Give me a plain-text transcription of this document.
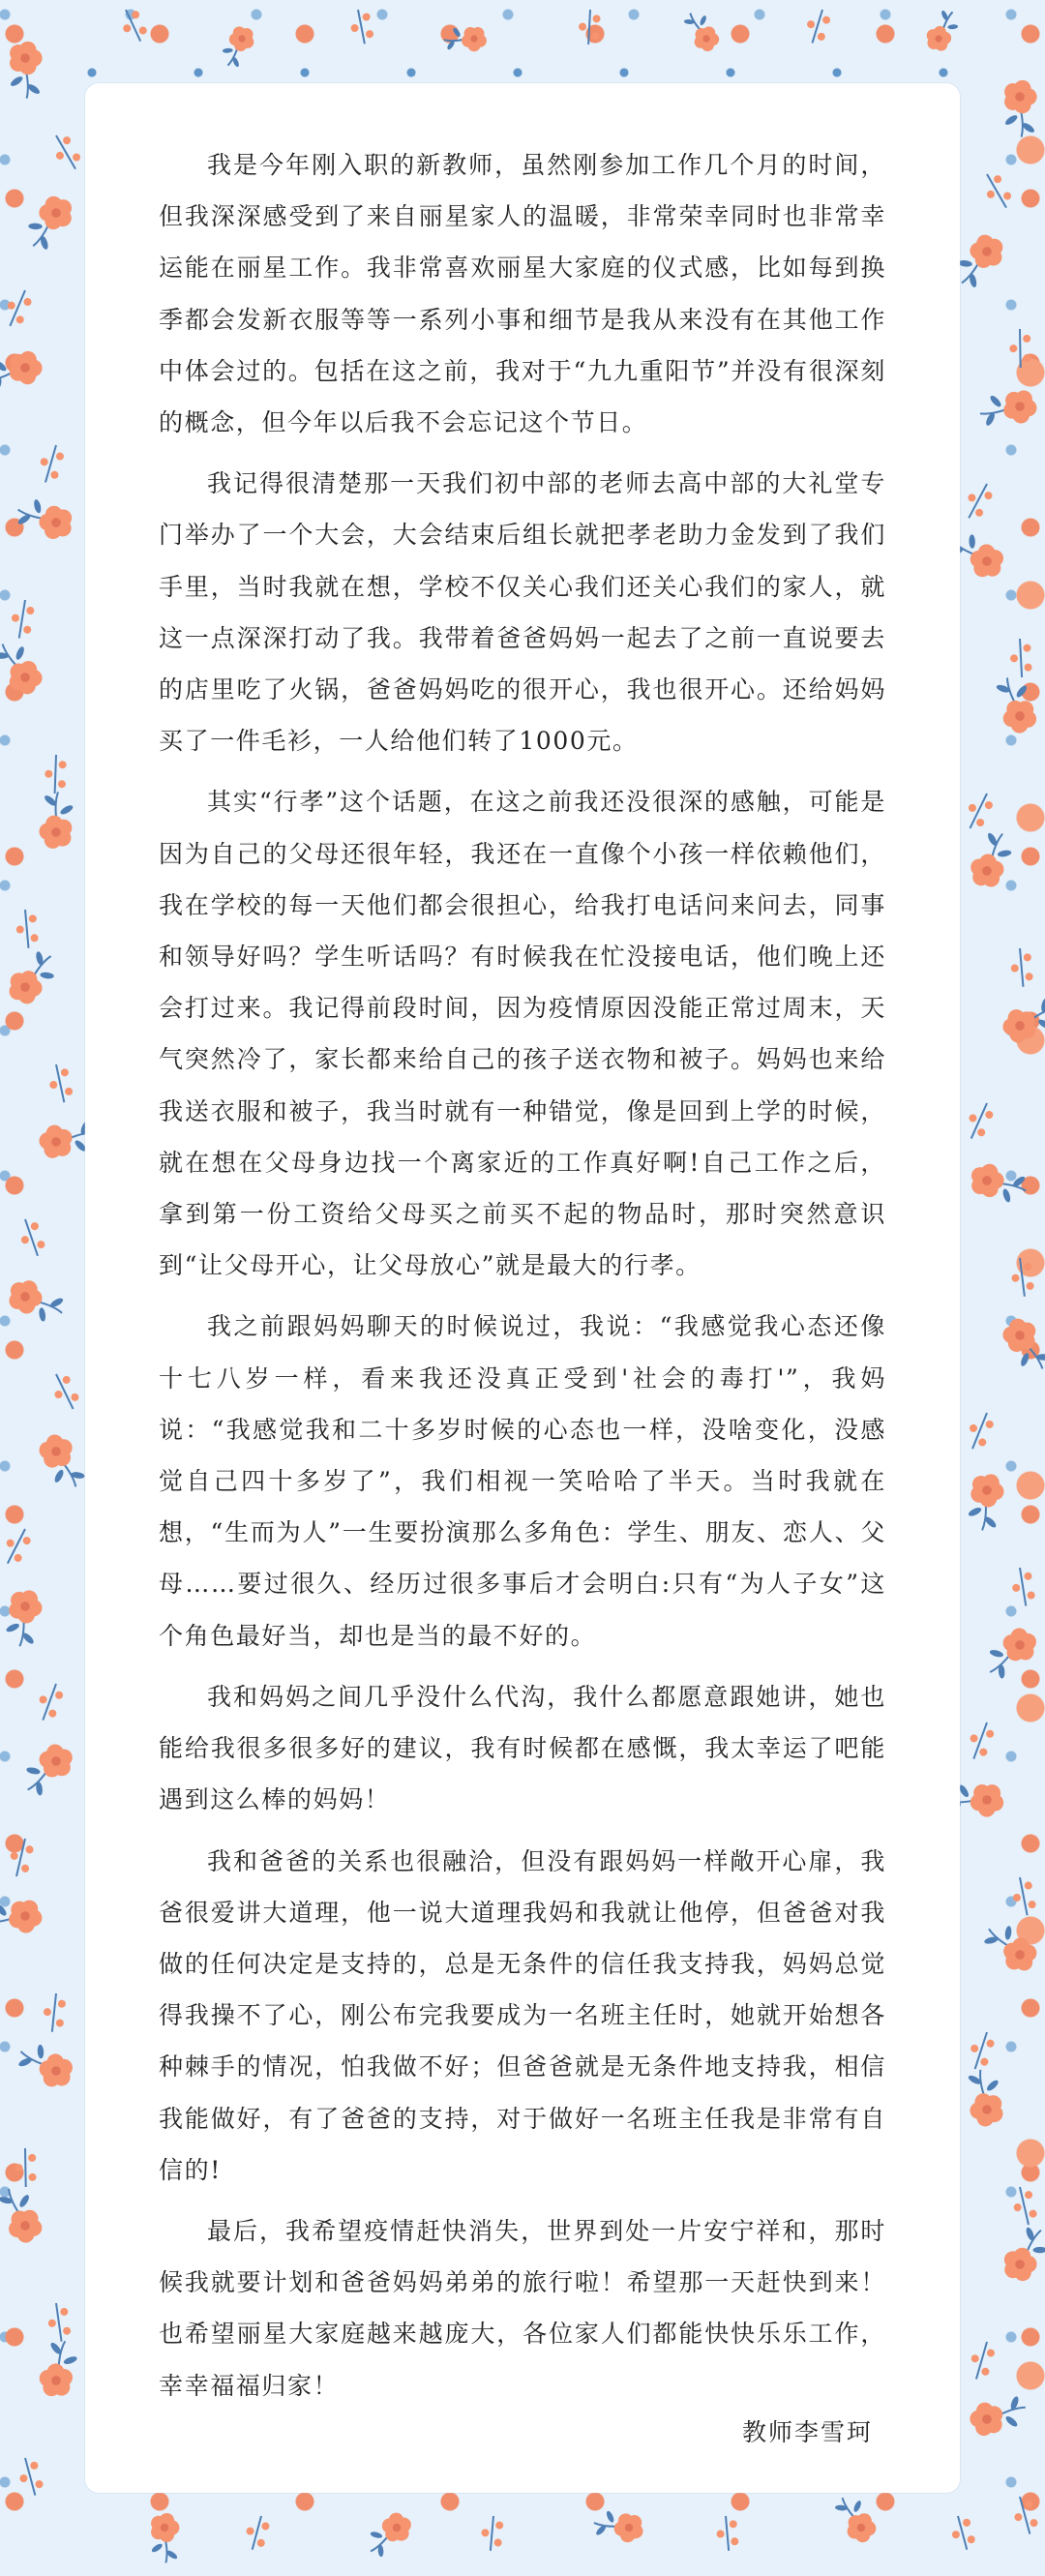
我是今年刚入职的新教师，虽然刚参加工作几个月的时间，但我深深感受到了来自丽星家人的温暖，非常荣幸同时也非常幸运能在丽星工作。我非常喜欢丽星大家庭的仪式感，比如每到换季都会发新衣服等等一系列小事和细节是我从来没有在其他工作中体会过的。包括在这之前，我对于“九九重阳节”并没有很深刻的概念，但今年以后我不会忘记这个节日。

我记得很清楚那一天我们初中部的老师去高中部的大礼堂专门举办了一个大会，大会结束后组长就把孝老助力金发到了我们手里，当时我就在想，学校不仅关心我们还关心我们的家人，就这一点深深打动了我。我带着爸爸妈妈一起去了之前一直说要去的店里吃了火锅，爸爸妈妈吃的很开心，我也很开心。还给妈妈买了一件毛衫，一人给他们转了1000元。

其实“行孝”这个话题，在这之前我还没很深的感触，可能是因为自己的父母还很年轻，我还在一直像个小孩一样依赖他们，我在学校的每一天他们都会很担心，给我打电话问来问去，同事和领导好吗？学生听话吗？有时候我在忙没接电话，他们晚上还会打过来。我记得前段时间，因为疫情原因没能正常过周末，天气突然冷了，家长都来给自己的孩子送衣物和被子。妈妈也来给我送衣服和被子，我当时就有一种错觉，像是回到上学的时候，就在想在父母身边找一个离家近的工作真好啊!自己工作之后，拿到第一份工资给父母买之前买不起的物品时，那时突然意识到“让父母开心，让父母放心”就是最大的行孝。

我之前跟妈妈聊天的时候说过，我说：“我感觉我心态还像十七八岁一样，看来我还没真正受到'社会的毒打'”，我妈说：“我感觉我和二十多岁时候的心态也一样，没啥变化，没感觉自己四十多岁了”，我们相视一笑哈哈了半天。当时我就在想，“生而为人”一生要扮演那么多角色：学生、朋友、恋人、父母……要过很久、经历过很多事后才会明白:只有“为人子女”这个角色最好当，却也是当的最不好的。

我和妈妈之间几乎没什么代沟，我什么都愿意跟她讲，她也能给我很多很多好的建议，我有时候都在感慨，我太幸运了吧能遇到这么棒的妈妈！

我和爸爸的关系也很融洽，但没有跟妈妈一样敞开心扉，我爸很爱讲大道理，他一说大道理我妈和我就让他停，但爸爸对我做的任何决定是支持的，总是无条件的信任我支持我，妈妈总觉得我操不了心，刚公布完我要成为一名班主任时，她就开始想各种棘手的情况，怕我做不好；但爸爸就是无条件地支持我，相信我能做好，有了爸爸的支持，对于做好一名班主任我是非常有自信的!

最后，我希望疫情赶快消失，世界到处一片安宁祥和，那时候我就要计划和爸爸妈妈弟弟的旅行啦！希望那一天赶快到来！也希望丽星大家庭越来越庞大，各位家人们都能快快乐乐工作，幸幸福福归家！

教师李雪珂
